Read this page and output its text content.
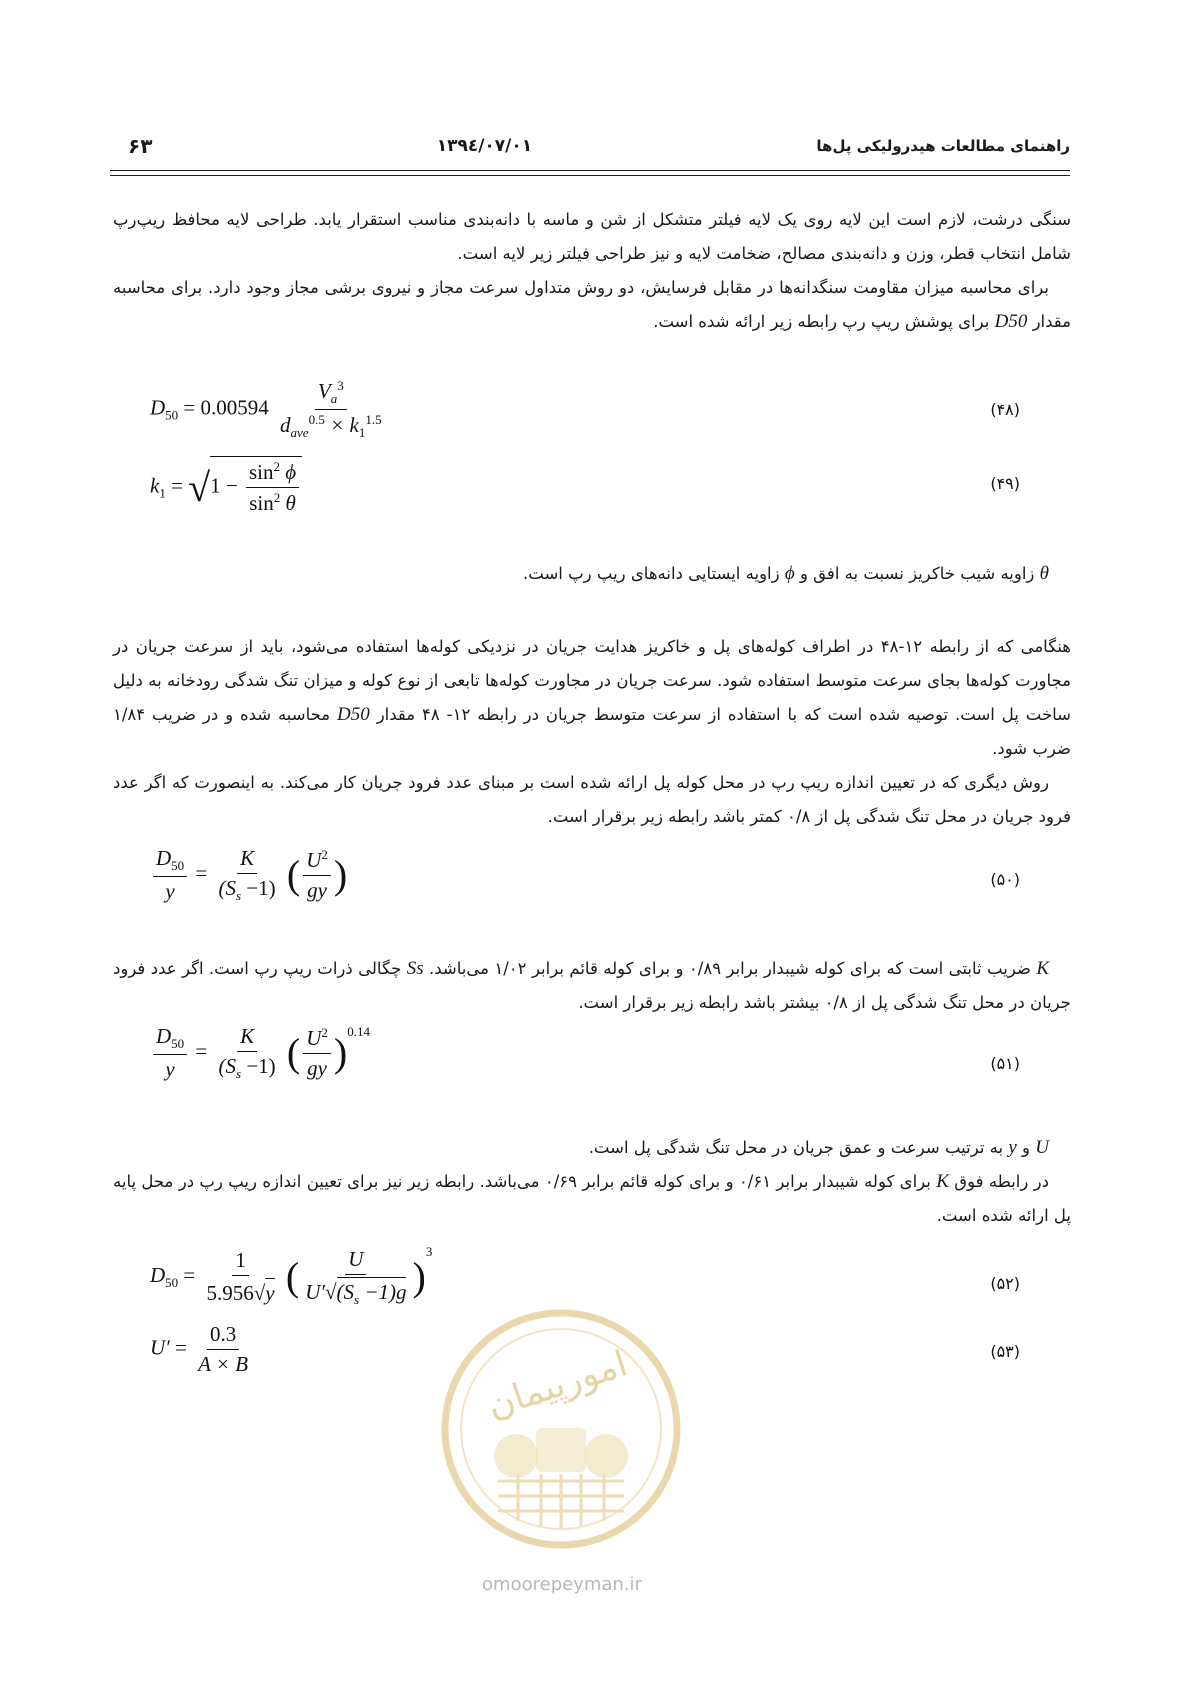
۶۳	۱۳۹٤/۰۷/۰۱	راهنمای مطالعات هیدرولیکی پل‌ها

سنگی درشت، لازم است این لایه روی یک لایه فیلتر متشکل از شن و ماسه با دانه‌بندی مناسب استقرار یابد. طراحی لایه محافظ ریپ‌رپ شامل انتخاب قطر، وزن و دانه‌بندی مصالح، ضخامت لایه و نیز طراحی فیلتر زیر لایه است.

برای محاسبه میزان مقاومت سنگدانه‌ها در مقابل فرسایش، دو روش متداول سرعت مجاز و نیروی برشی مجاز وجود دارد. برای محاسبه مقدار D50 برای پوشش ریپ رپ رابطه زیر ارائه شده است.

$D_{50} = 0.00594 \frac{V_a^3}{d_{ave}^{0.5} \times k_1^{1.5}}$	(۴۸)
$k_1 = √1 - \frac{\sin^2 \phi}{\sin^2 \theta}$	(۴۹)

θ زاویه شیب خاکریز نسبت به افق و ϕ زاویه ایستایی دانه‌های ریپ رپ است.

هنگامی که از رابطه ۱۲-۴۸ در اطراف کوله‌های پل و خاکریز هدایت جریان در نزدیکی کوله‌ها استفاده می‌شود، باید از سرعت جریان در مجاورت کوله‌ها بجای سرعت متوسط استفاده شود. سرعت جریان در مجاورت کوله‌ها تابعی از نوع کوله و میزان تنگ شدگی رودخانه به دلیل ساخت پل است. توصیه شده است که با استفاده از سرعت متوسط جریان در رابطه ۱۲- ۴۸ مقدار D50 محاسبه شده و در ضریب ۱/۸۴ ضرب شود.

روش دیگری که در تعیین اندازه ریپ رپ در محل کوله پل ارائه شده است بر مبنای عدد فرود جریان کار می‌کند. به اینصورت که اگر عدد فرود جریان در محل تنگ شدگی پل از ۰/۸ کمتر باشد رابطه زیر برقرار است.

$\frac{D_{50}}{y} = \frac{K}{(S_s -1)}$ ( $\frac{U^2}{gy}$ )	(۵۰)

K ضریب ثابتی است که برای کوله شیبدار برابر ۰/۸۹ و برای کوله قائم برابر ۱/۰۲ می‌باشد. Ss چگالی ذرات ریپ رپ است. اگر عدد فرود جریان در محل تنگ شدگی پل از ۰/۸ بیشتر باشد رابطه زیر برقرار است.

$\frac{D_{50}}{y} = \frac{K}{(S_s -1)}$ ( $\frac{U^2}{gy} )^{0.14}$
(۵۱)

U و y به ترتیب سرعت و عمق جریان در محل تنگ شدگی پل است.

در رابطه فوق K برای کوله شیبدار برابر ۰/۶۱ و برای کوله قائم برابر ۰/۶۹ می‌باشد. رابطه زیر نیز برای تعیین اندازه ریپ رپ در محل پایه پل ارائه شده است.

$D_{50} = \frac{1}{5.956√y}$ ( $\frac{U}{U'√(S_s -1)g} )^3$
(۵۲)
$U' = \frac{0.3}{A \times B}$	(۵۳)
امورپیمان
omoorepeyman.ir
